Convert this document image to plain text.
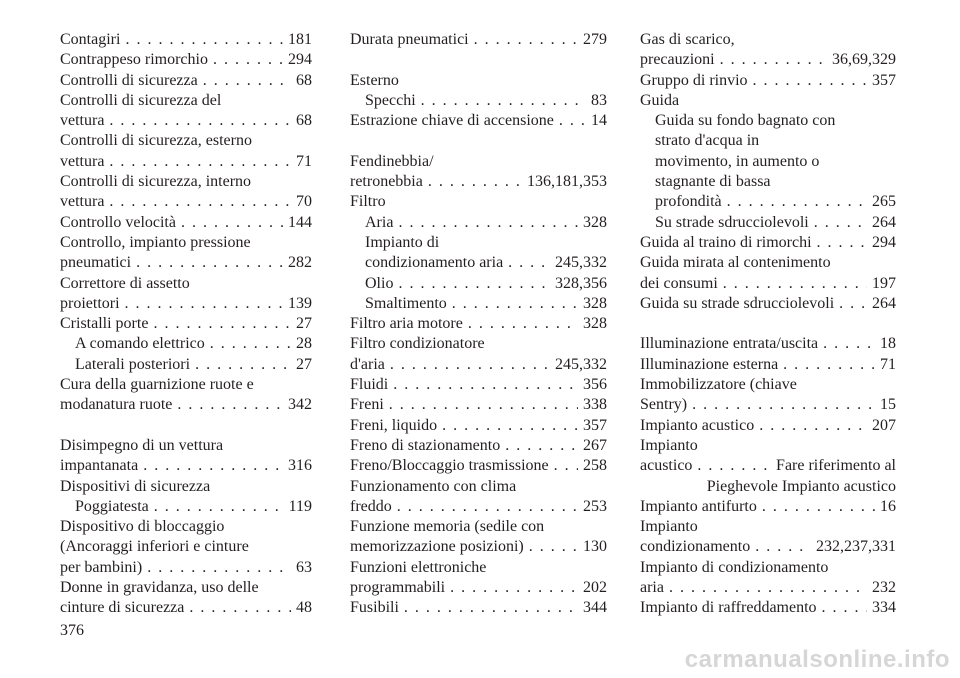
Contagiri . . .	181
Contrappeso rimorchio . . .	294
Controlli di sicurezza . . .	68
Controlli di sicurezza del
vettura . . .	68
Controlli di sicurezza, esterno
vettura . . .	71
Controlli di sicurezza, interno
vettura . . .	70
Controllo velocità . . .	144
Controllo, impianto pressione
pneumatici . . .	282
Correttore di assetto
proiettori . . .	139
Cristalli porte . . .	27
A comando elettrico . . .	28
Laterali posteriori . . .	27
Cura della guarnizione ruote e
modanatura ruote . . .	342
Disimpegno di un vettura
impantanata . . .	316
Dispositivi di sicurezza
Poggiatesta . . .	119
Dispositivo di bloccaggio
(Ancoraggi inferiori e cinture
per bambini) . . .	63
Donne in gravidanza, uso delle
cinture di sicurezza . . .	48
Durata pneumatici . . .	279
Esterno
Specchi . . .	83
Estrazione chiave di accensione . . . 14
Fendinebbia/
retronebbia . . .	136,181,353
Filtro
Aria . . .	328
Impianto di
condizionamento aria . . .	245,332
Olio . . .	328,356
Smaltimento . . .	328
Filtro aria motore . . .	328
Filtro condizionatore
d'aria . . .	245,332
Fluidi . . .	356
Freni . . .	338
Freni, liquido . . .	357
Freno di stazionamento . . .	267
Freno/Bloccaggio trasmissione . . . 258
Funzionamento con clima
freddo . . .	253
Funzione memoria (sedile con
memorizzazione posizioni) . . .	130
Funzioni elettroniche
programmabili . . .	202
Fusibili . . .	344
Gas di scarico,
precauzioni . . .	36,69,329
Gruppo di rinvio . . .	357
Guida
Guida su fondo bagnato con
strato d'acqua in
movimento, in aumento o
stagnante di bassa
profondità . . .	265
Su strade sdrucciolevoli . . .	264
Guida al traino di rimorchi . . .	294
Guida mirata al contenimento
dei consumi . . .	197
Guida su strade sdrucciolevoli . . . 264
Illuminazione entrata/uscita . . .	18
Illuminazione esterna . . .	71
Immobilizzatore (chiave
Sentry) . . .	15
Impianto acustico . . .	207
Impianto
acustico . . .	Fare riferimento al
Pieghevole Impianto acustico
Impianto antifurto . . .	16
Impianto
condizionamento . . .	232,237,331
Impianto di condizionamento
aria . . .	232
Impianto di raffreddamento . . .	334
376
carmanualsonline.info
